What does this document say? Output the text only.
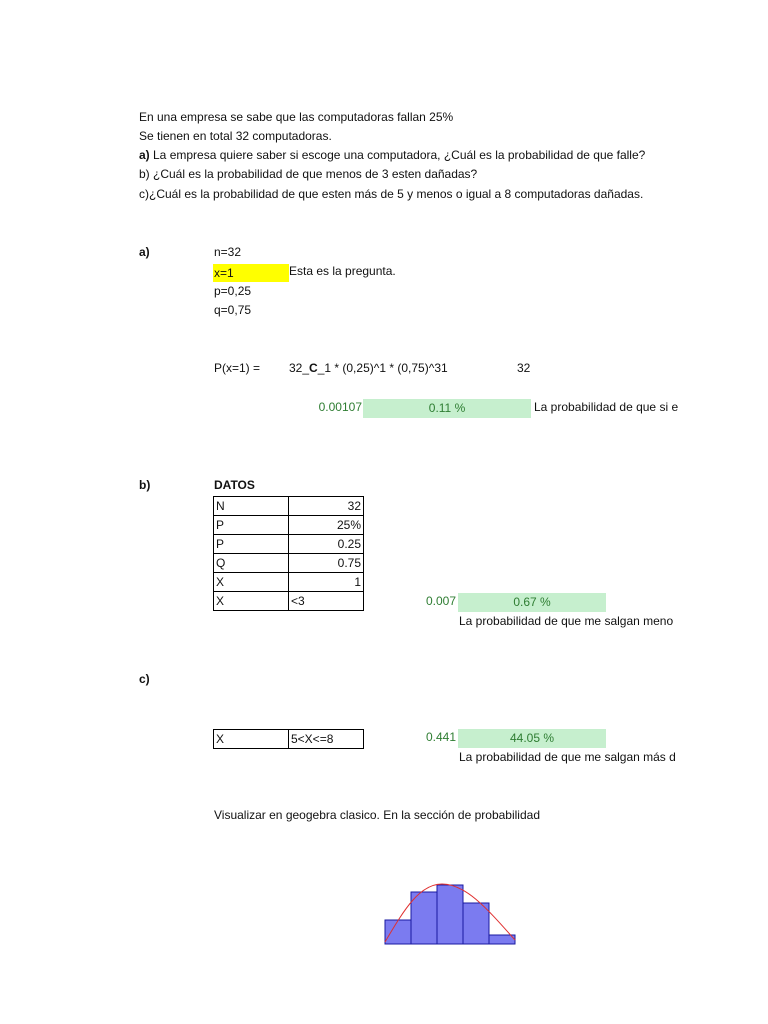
En una empresa se sabe que las computadoras fallan 25%
Se tienen en total 32 computadoras.
a) La empresa quiere saber si escoge una computadora, ¿Cuál es la probabilidad de que falle?
b) ¿Cuál es la probabilidad de que menos de 3 esten dañadas?
c)¿Cuál es la probabilidad de que esten más de 5 y menos o igual a 8 computadoras dañadas.
a)	n=32
x=1	Esta es la pregunta.
p=0,25
q=0,75
P(x=1) = 32_C_1 * (0,25)^1 * (0,75)^31	32
0.00107	0.11 %	La probabilidad de que si e
b)	DATOS
N	32
P	25%
P	0.25
Q	0.75
X	1
X	<3	0.007	0.67 %
La probabilidad de que me salgan meno
c)
X	5<X<=8	0.441	44.05 %
La probabilidad de que me salgan más d
Visualizar en geogebra clasico. En la sección de probabilidad
